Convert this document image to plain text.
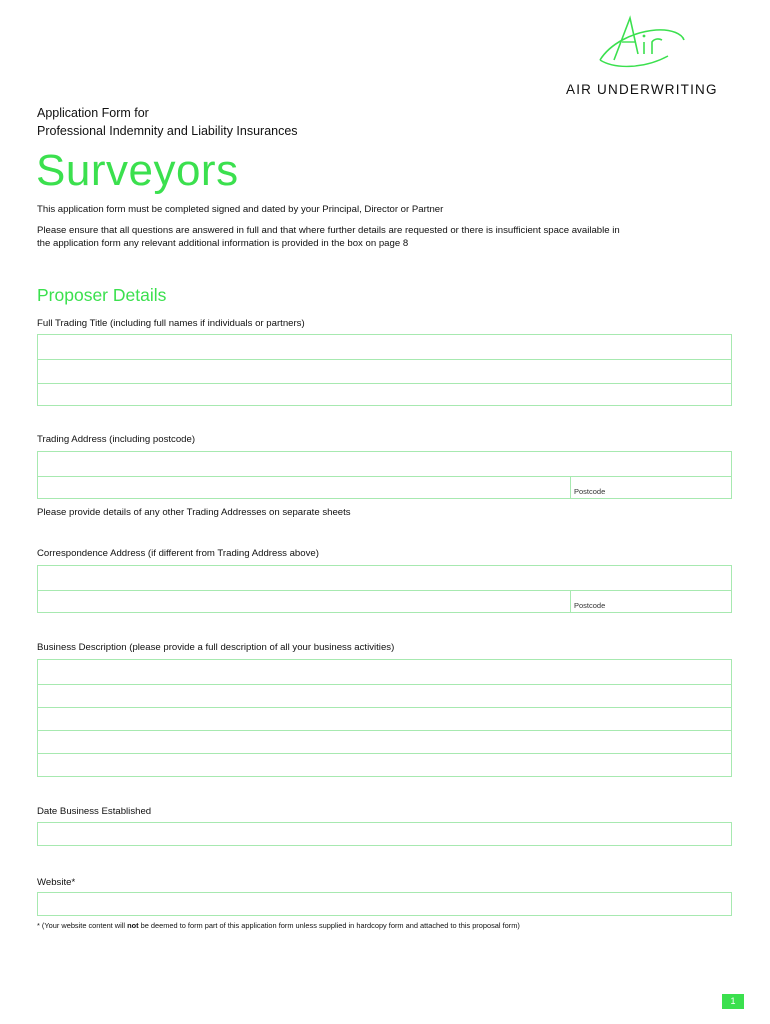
AIR UNDERWRITING
Application Form for
Professional Indemnity and Liability Insurances
Surveyors
This application form must be completed signed and dated by your Principal, Director or Partner
Please ensure that all questions are answered in full and that where further details are requested or there is insufficient space available in
the application form any relevant additional information is provided in the box on page 8
Proposer Details
Full Trading Title (including full names if individuals or partners)
Trading Address (including postcode)
Postcode
Please provide details of any other Trading Addresses on separate sheets
Correspondence Address (if different from Trading Address above)
Postcode
Business Description (please provide a full description of all your business activities)
Date Business Established
Website*
* (Your website content will not be deemed to form part of this application form unless supplied in hardcopy form and attached to this proposal form)
1
